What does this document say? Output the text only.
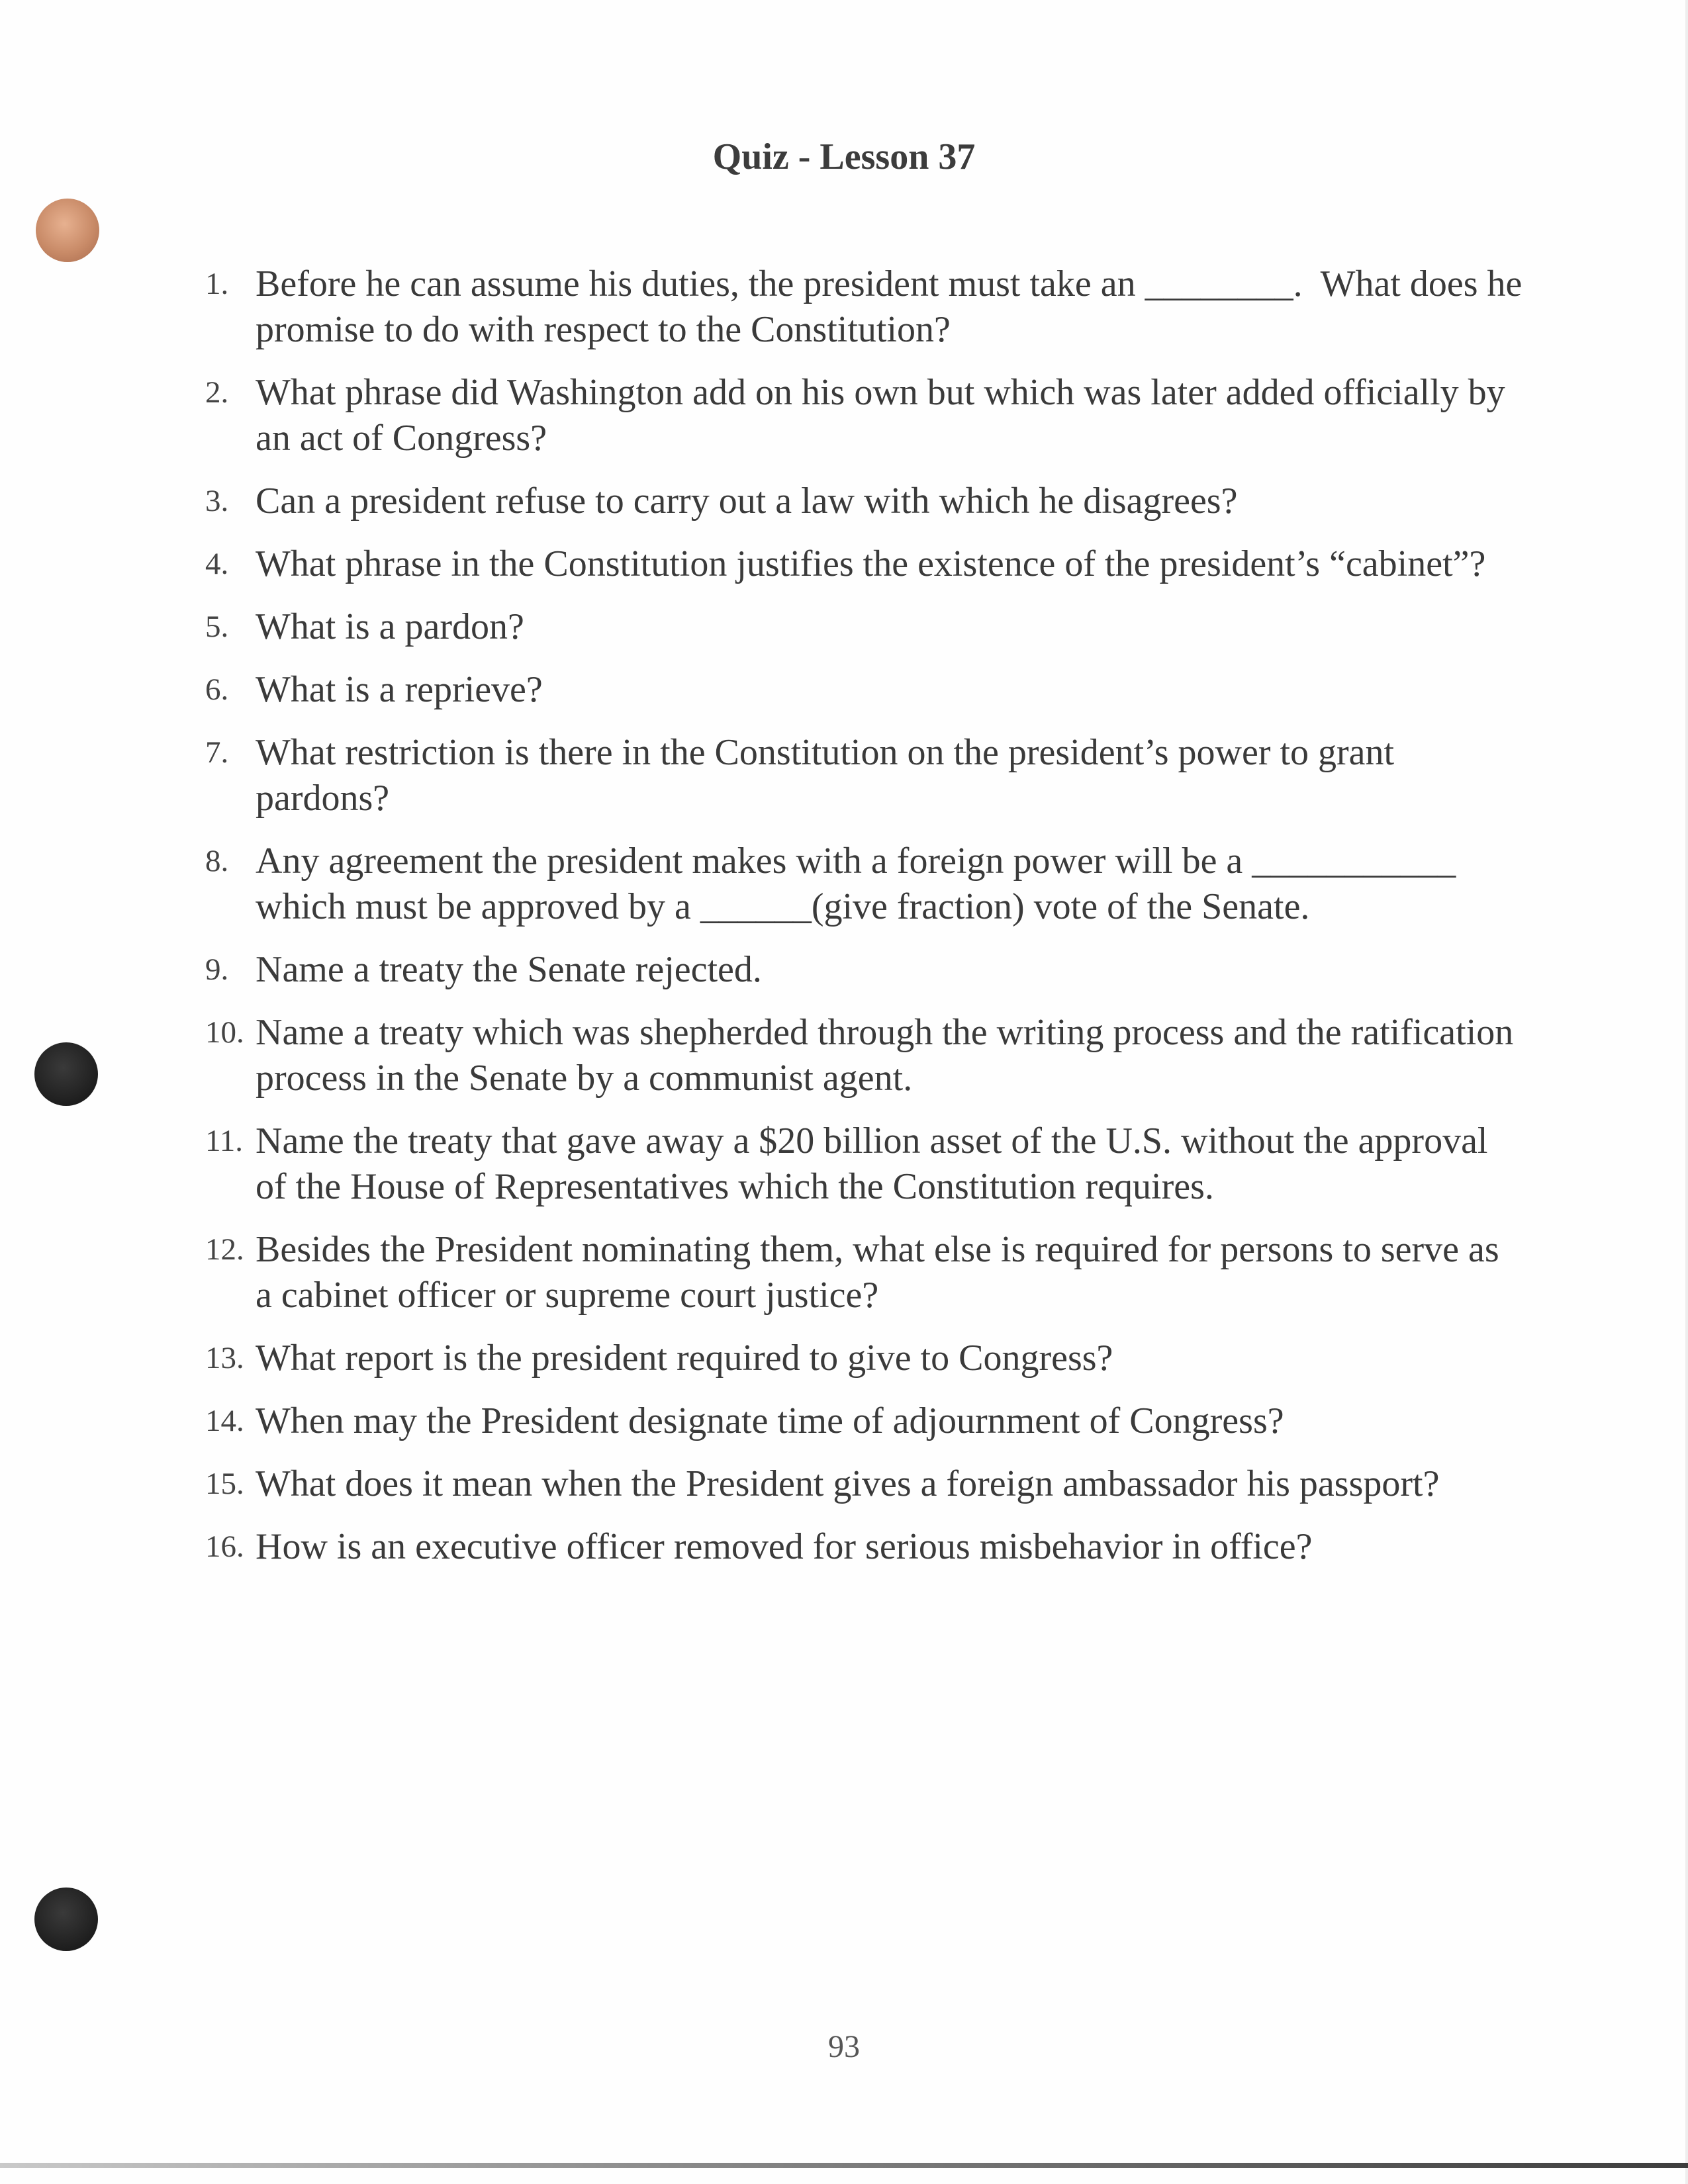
Quiz - Lesson 37
1. Before he can assume his duties, the president must take an ________.  What does he promise to do with respect to the Constitution?
2. What phrase did Washington add on his own but which was later added officially by an act of Congress?
3. Can a president refuse to carry out a law with which he disagrees?
4. What phrase in the Constitution justifies the existence of the president’s “cabinet”?
5. What is a pardon?
6. What is a reprieve?
7. What restriction is there in the Constitution on the president’s power to grant pardons?
8. Any agreement the president makes with a foreign power will be a ___________ which must be approved by a ______(give fraction) vote of the Senate.
9. Name a treaty the Senate rejected.
10. Name a treaty which was shepherded through the writing process and the ratification process in the Senate by a communist agent.
11. Name the treaty that gave away a $20 billion asset of the U.S. without the approval of the House of Representatives which the Constitution requires.
12. Besides the President nominating them, what else is required for persons to serve as a cabinet officer or supreme court justice?
13. What report is the president required to give to Congress?
14. When may the President designate time of adjournment of Congress?
15. What does it mean when the President gives a foreign ambassador his passport?
16. How is an executive officer removed for serious misbehavior in office?
93
